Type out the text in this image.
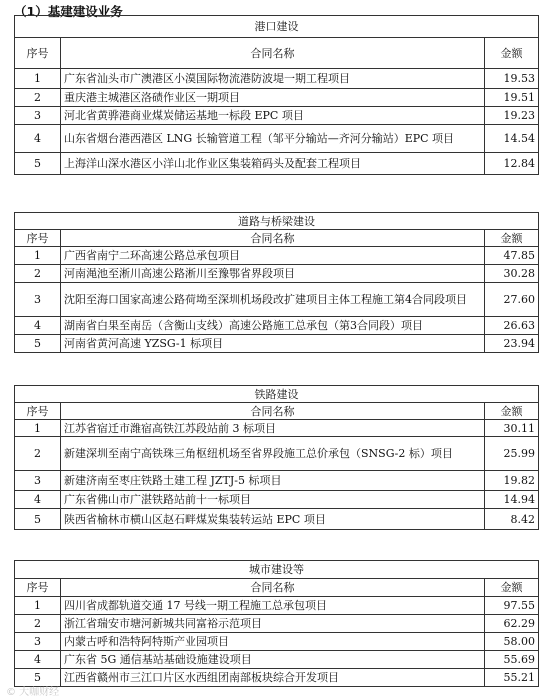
（1）基建建设业务
港口建设		
序号	合同名称	金额
1	广东省汕头市广澳港区小漠国际物流港防波堤一期工程项目	19.53
2	重庆港主城港区洛碛作业区一期项目	19.51
3	河北省黄骅港商业煤炭储运基地一标段 EPC 项目	19.23
4	山东省烟台港西港区 LNG 长输管道工程（邹平分输站—齐河分输站）EPC 项目	14.54
5	上海洋山深水港区小洋山北作业区集装箱码头及配套工程项目	12.84
道路与桥梁建设		
序号	合同名称	金额
1	广西省南宁二环高速公路总承包项目	47.85
2	河南渑池至淅川高速公路淅川至豫鄂省界段项目	30.28
3	沈阳至海口国家高速公路荷坳至深圳机场段改扩建项目主体工程施工第4合同段项目	27.60
4	湖南省白果至南岳（含衡山支线）高速公路施工总承包（第3合同段）项目	26.63
5	河南省黄河高速 YZSG-1 标项目	23.94
铁路建设		
序号	合同名称	金额
1	江苏省宿迁市潍宿高铁江苏段站前 3 标项目	30.11
2	新建深圳至南宁高铁珠三角枢纽机场至省界段施工总价承包（SNSG-2 标）项目	25.99
3	新建济南至枣庄铁路土建工程 JZTJ-5 标项目	19.82
4	广东省佛山市广湛铁路站前十一标项目	14.94
5	陕西省榆林市横山区赵石畔煤炭集装转运站 EPC 项目	8.42
城市建设等		
序号	合同名称	金额
1	四川省成都轨道交通 17 号线一期工程施工总承包项目	97.55
2	浙江省瑞安市塘河新城共同富裕示范项目	62.29
3	内蒙古呼和浩特阿特斯产业园项目	58.00
4	广东省 5G 通信基站基础设施建设项目	55.69
5	江西省赣州市三江口片区水西组团南部板块综合开发项目	55.21
© 大咖财经
